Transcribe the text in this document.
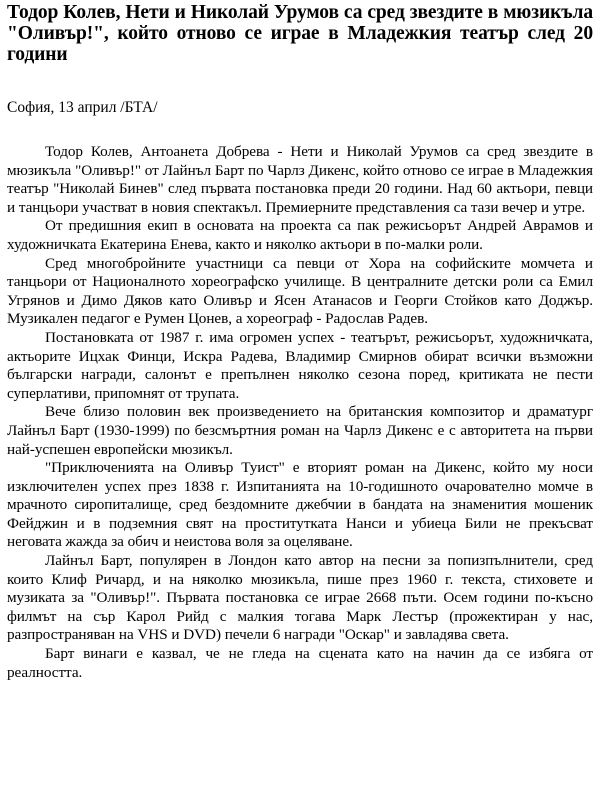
Тодор Колев, Нети и Николай Урумов са сред звездите в мюзикъла "Оливър!", който отново се играе в Младежкия театър след 20 години

София, 13 април /БТА/

Тодор Колев, Антоанета Добрева - Нети и Николай Урумов са сред звездите в мюзикъла "Оливър!" от Лайнъл Барт по Чарлз Дикенс, който отново се играе в Младежкия театър "Николай Бинев" след първата постановка преди 20 години. Над 60 актьори, певци и танцьори участват в новия спектакъл. Премиерните представления са тази вечер и утре.

От предишния екип в основата на проекта са пак режисьорът Андрей Аврамов и художничката Екатерина Енева, както и няколко актьори в по-малки роли.

Сред многобройните участници са певци от Хора на софийските момчета и танцьори от Националното хореографско училище. В централните детски роли са Емил Угрянов и Димо Дяков като Оливър и Ясен Атанасов и Георги Стойков като Доджър. Музикален педагог е Румен Цонев, а хореограф - Радослав Радев.

Постановката от 1987 г. има огромен успех - театърът, режисьорът, художничката, актьорите Ицхак Финци, Искра Радева, Владимир Смирнов обират всички възможни български награди, салонът е препълнен няколко сезона поред, критиката не пести суперлативи, припомнят от трупата.

Вече близо половин век произведението на британския композитор и драматург Лайнъл Барт (1930-1999) по безсмъртния роман на Чарлз Дикенс е с авторитета на първи най-успешен европейски мюзикъл.

"Приключенията на Оливър Туист" е вторият роман на Дикенс, който му носи изключителен успех през 1838 г. Изпитанията на 10-годишното очарователно момче в мрачното сиропиталище, сред бездомните джебчии в бандата на знаменития мошеник Фейджин и в подземния свят на проститутката Нанси и убиеца Били не прекъсват неговата жажда за обич и неистова воля за оцеляване.

Лайнъл Барт, популярен в Лондон като автор на песни за попизпълнители, сред които Клиф Ричард, и на няколко мюзикъла, пише през 1960 г. текста, стиховете и музиката за "Оливър!". Първата постановка се играе 2668 пъти. Осем години по-късно филмът на сър Карол Рийд с малкия тогава Марк Лестър (прожектиран у нас, разпространяван на VHS и DVD) печели 6 награди "Оскар" и завладява света.

Барт винаги е казвал, че не гледа на сцената като на начин да се избяга от реалността.
